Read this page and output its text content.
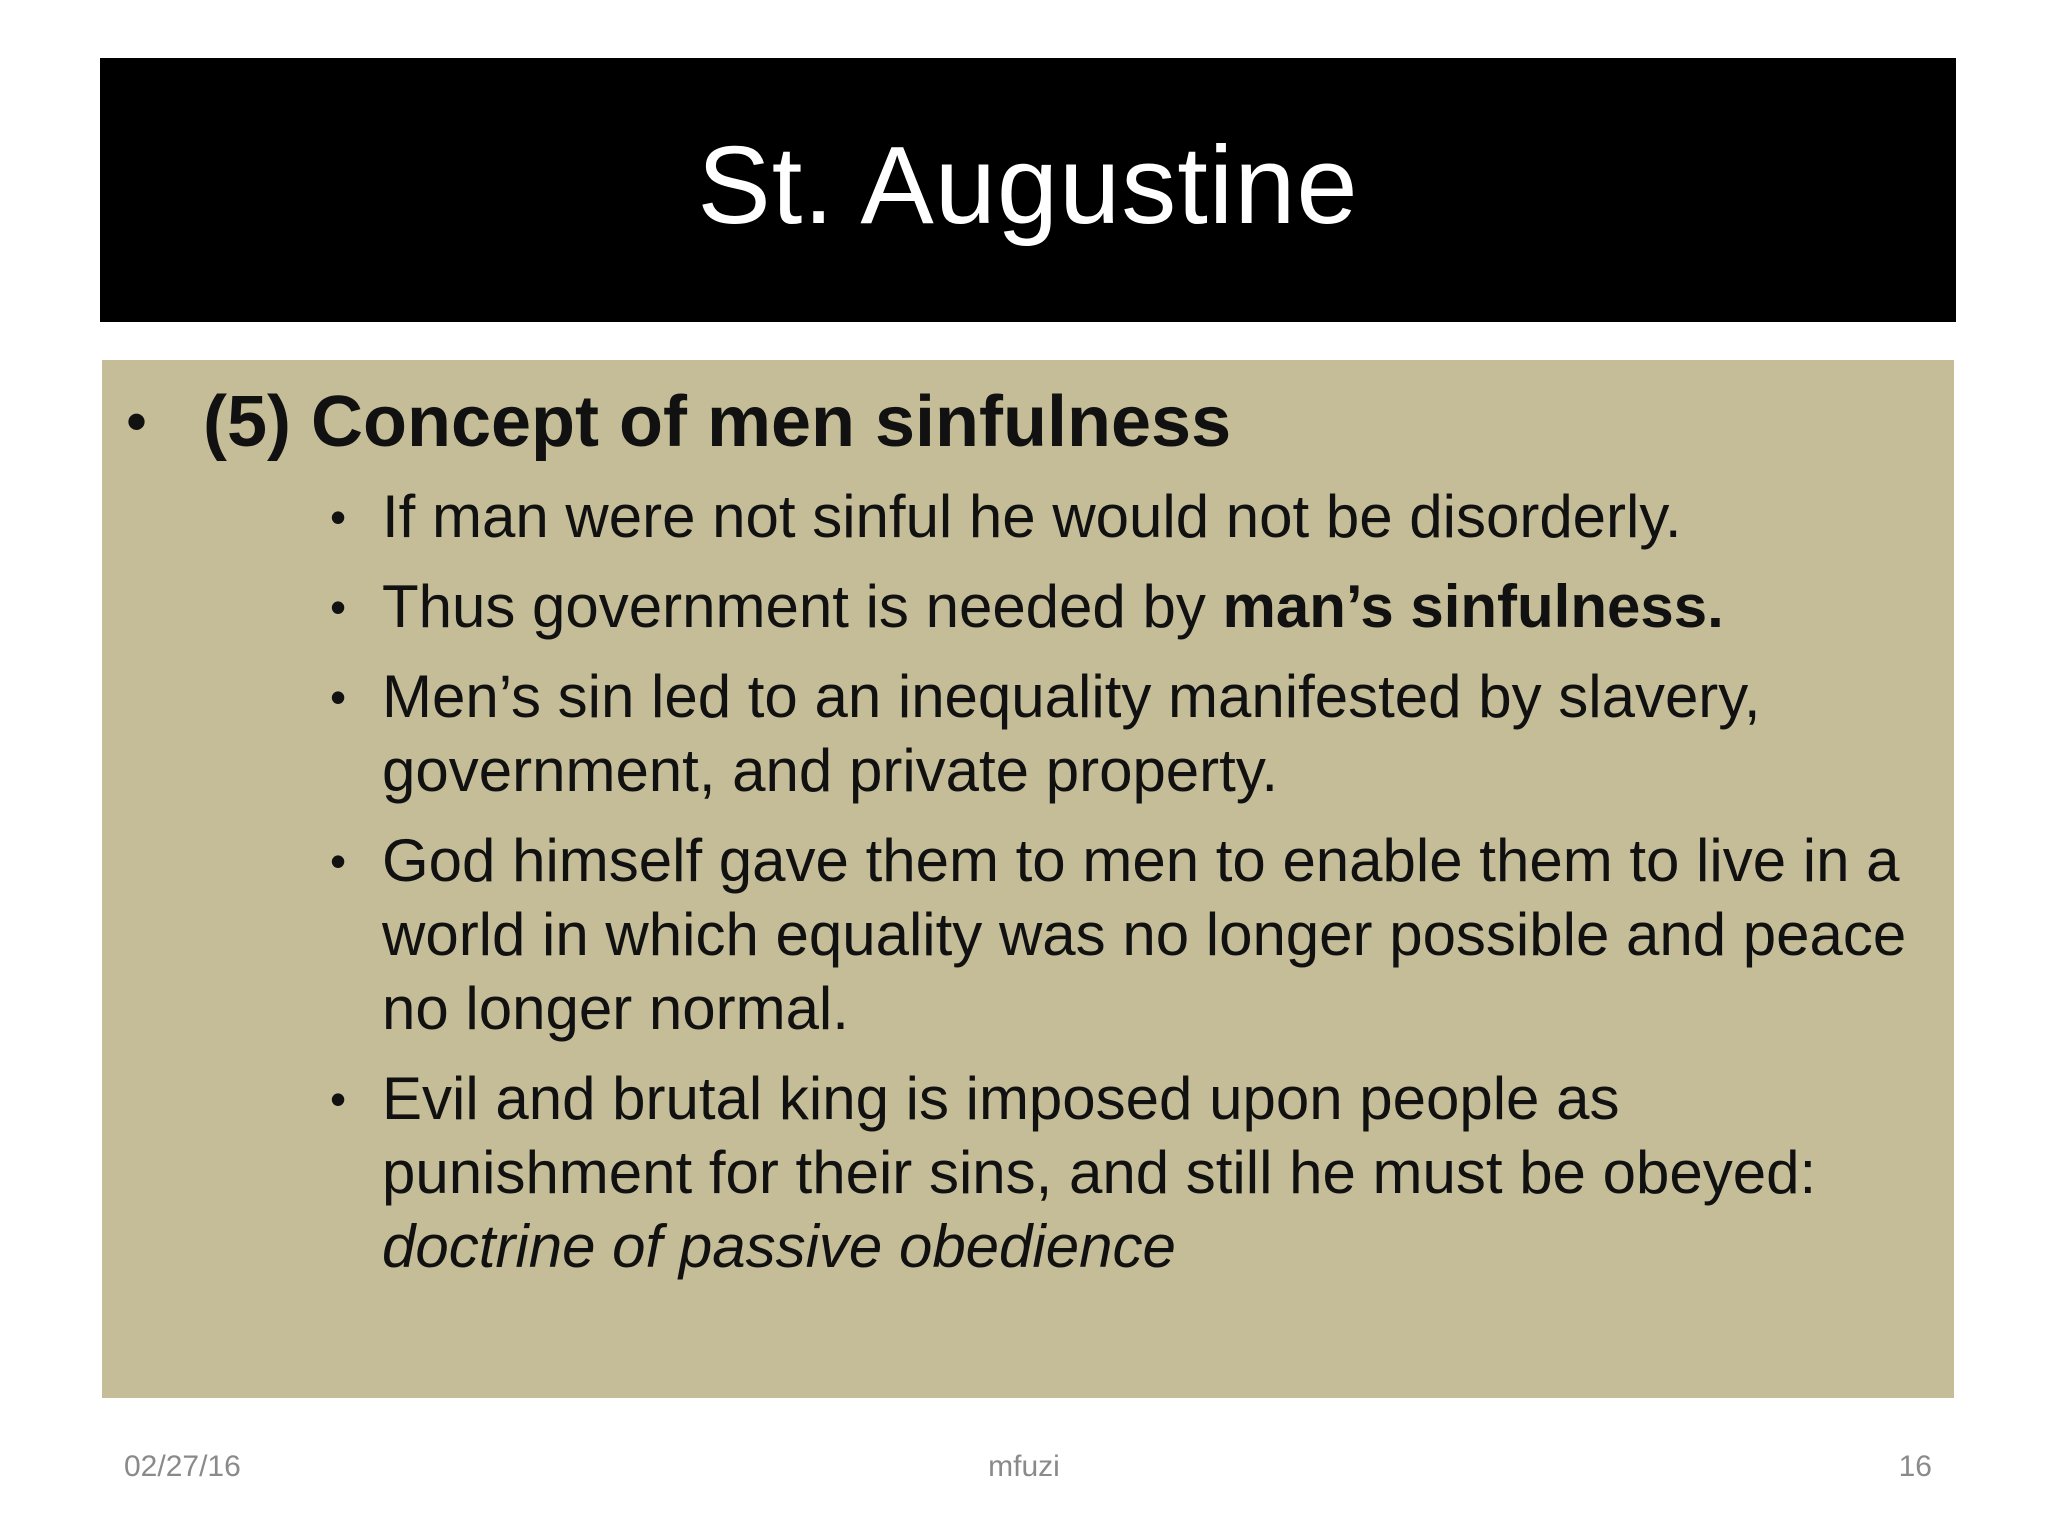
St. Augustine
• (5) Concept of men sinfulness
• If man were not sinful he would not be disorderly.
• Thus government is needed by man’s sinfulness.
• Men’s sin led to an inequality manifested by slavery, government, and private property.
• God himself gave them to men to enable them to live in a world in which equality was no longer possible and peace no longer normal.
• Evil and brutal king is imposed upon people as punishment for their sins, and still he must be obeyed: doctrine of passive obedience
02/27/16	mfuzi	16
